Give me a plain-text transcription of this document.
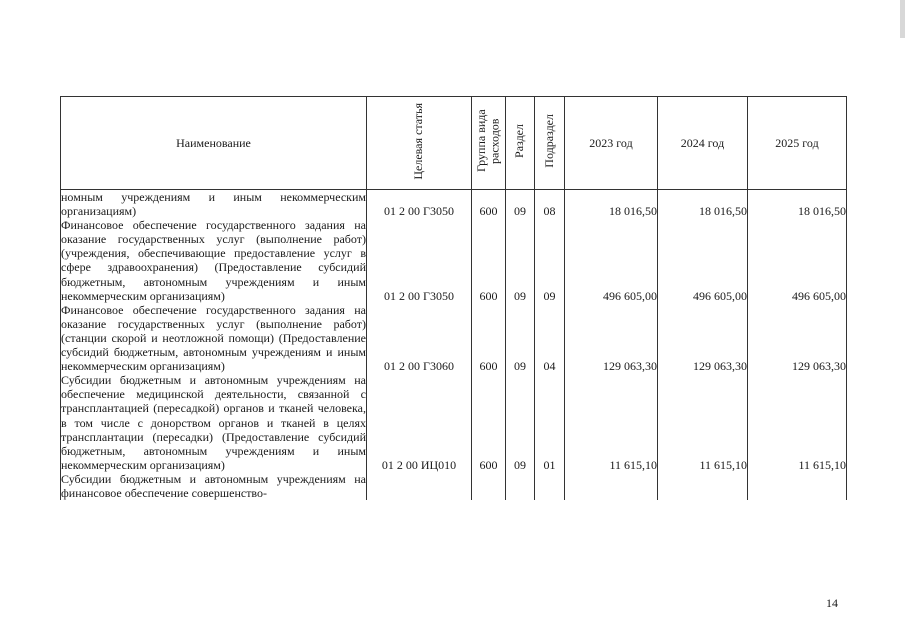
Наименование	Целевая статья	Группа вида расходов	Раздел	Подраздел	2023 год	2024 год	2025 год
номным учреждениям и иным некоммерческим организациям)	01 2 00 Г3050	600	09	08	18 016,50	18 016,50	18 016,50
Финансовое обеспечение государственного задания на оказание государственных услуг (выполнение работ) (учреждения, обеспечивающие предоставление услуг в сфере здравоохранения) (Предоставление субсидий бюджетным, автономным учреждениям и иным некоммерческим организациям)	01 2 00 Г3050	600	09	09	496 605,00	496 605,00	496 605,00
Финансовое обеспечение государственного задания на оказание государственных услуг (выполнение работ) (станции скорой и неотложной помощи) (Предоставление субсидий бюджетным, автономным учреждениям и иным некоммерческим организациям)	01 2 00 Г3060	600	09	04	129 063,30	129 063,30	129 063,30
Субсидии бюджетным и автономным учреждениям на обеспечение медицинской деятельности, связанной с трансплантацией (пересадкой) органов и тканей человека, в том числе с донорством органов и тканей в целях трансплантации (пересадки) (Предоставление субсидий бюджетным, автономным учреждениям и иным некоммерческим организациям)	01 2 00 ИЦ010	600	09	01	11 615,10	11 615,10	11 615,10
Субсидии бюджетным и автономным учреждениям на финансовое обеспечение совершенство-							
14
